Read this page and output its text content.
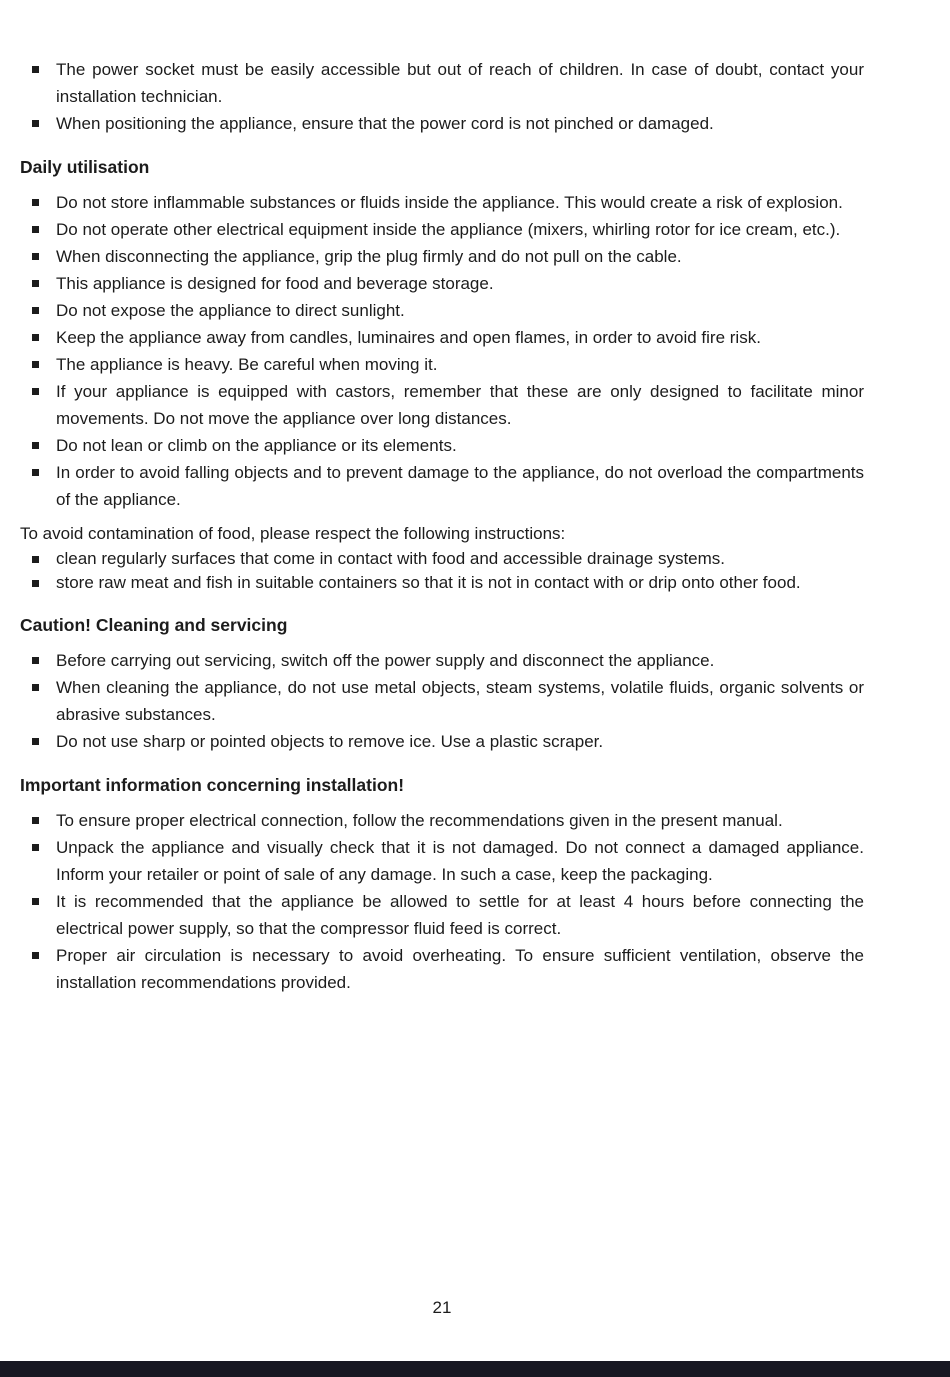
The power socket must be easily accessible but out of reach of children. In case of doubt, contact your installation technician.
When positioning the appliance, ensure that the power cord is not pinched or damaged.
Daily utilisation
Do not store inflammable substances or fluids inside the appliance. This would create a risk of explosion.
Do not operate other electrical equipment inside the appliance (mixers, whirling rotor for ice cream, etc.).
When disconnecting the appliance, grip the plug firmly and do not pull on the cable.
This appliance is designed for food and beverage storage.
Do not expose the appliance to direct sunlight.
Keep the appliance away from candles, luminaires and open flames, in order to avoid fire risk.
The appliance is heavy. Be careful when moving it.
If your appliance is equipped with castors, remember that these are only designed to facilitate minor movements. Do not move the appliance over long distances.
Do not lean or climb on the appliance or its elements.
In order to avoid falling objects and to prevent damage to the appliance, do not overload the compartments of the appliance.

To avoid contamination of food, please respect the following instructions:

clean regularly surfaces that come in contact with food and accessible drainage systems.
store raw meat and fish in suitable containers so that it is not in contact with or drip onto other food.
Caution! Cleaning and servicing
Before carrying out servicing, switch off the power supply and disconnect the appliance.
When cleaning the appliance, do not use metal objects, steam systems, volatile fluids, organic solvents or abrasive substances.
Do not use sharp or pointed objects to remove ice. Use a plastic scraper.
Important information concerning installation!
To ensure proper electrical connection, follow the recommendations given in the present manual.
Unpack the appliance and visually check that it is not damaged. Do not connect a damaged appliance. Inform your retailer or point of sale of any damage. In such a case, keep the packaging.
It is recommended that the appliance be allowed to settle for at least 4 hours before connecting the electrical power supply, so that the compressor fluid feed is correct.
Proper air circulation is necessary to avoid overheating. To ensure sufficient ventilation, observe the installation recommendations provided.
21
